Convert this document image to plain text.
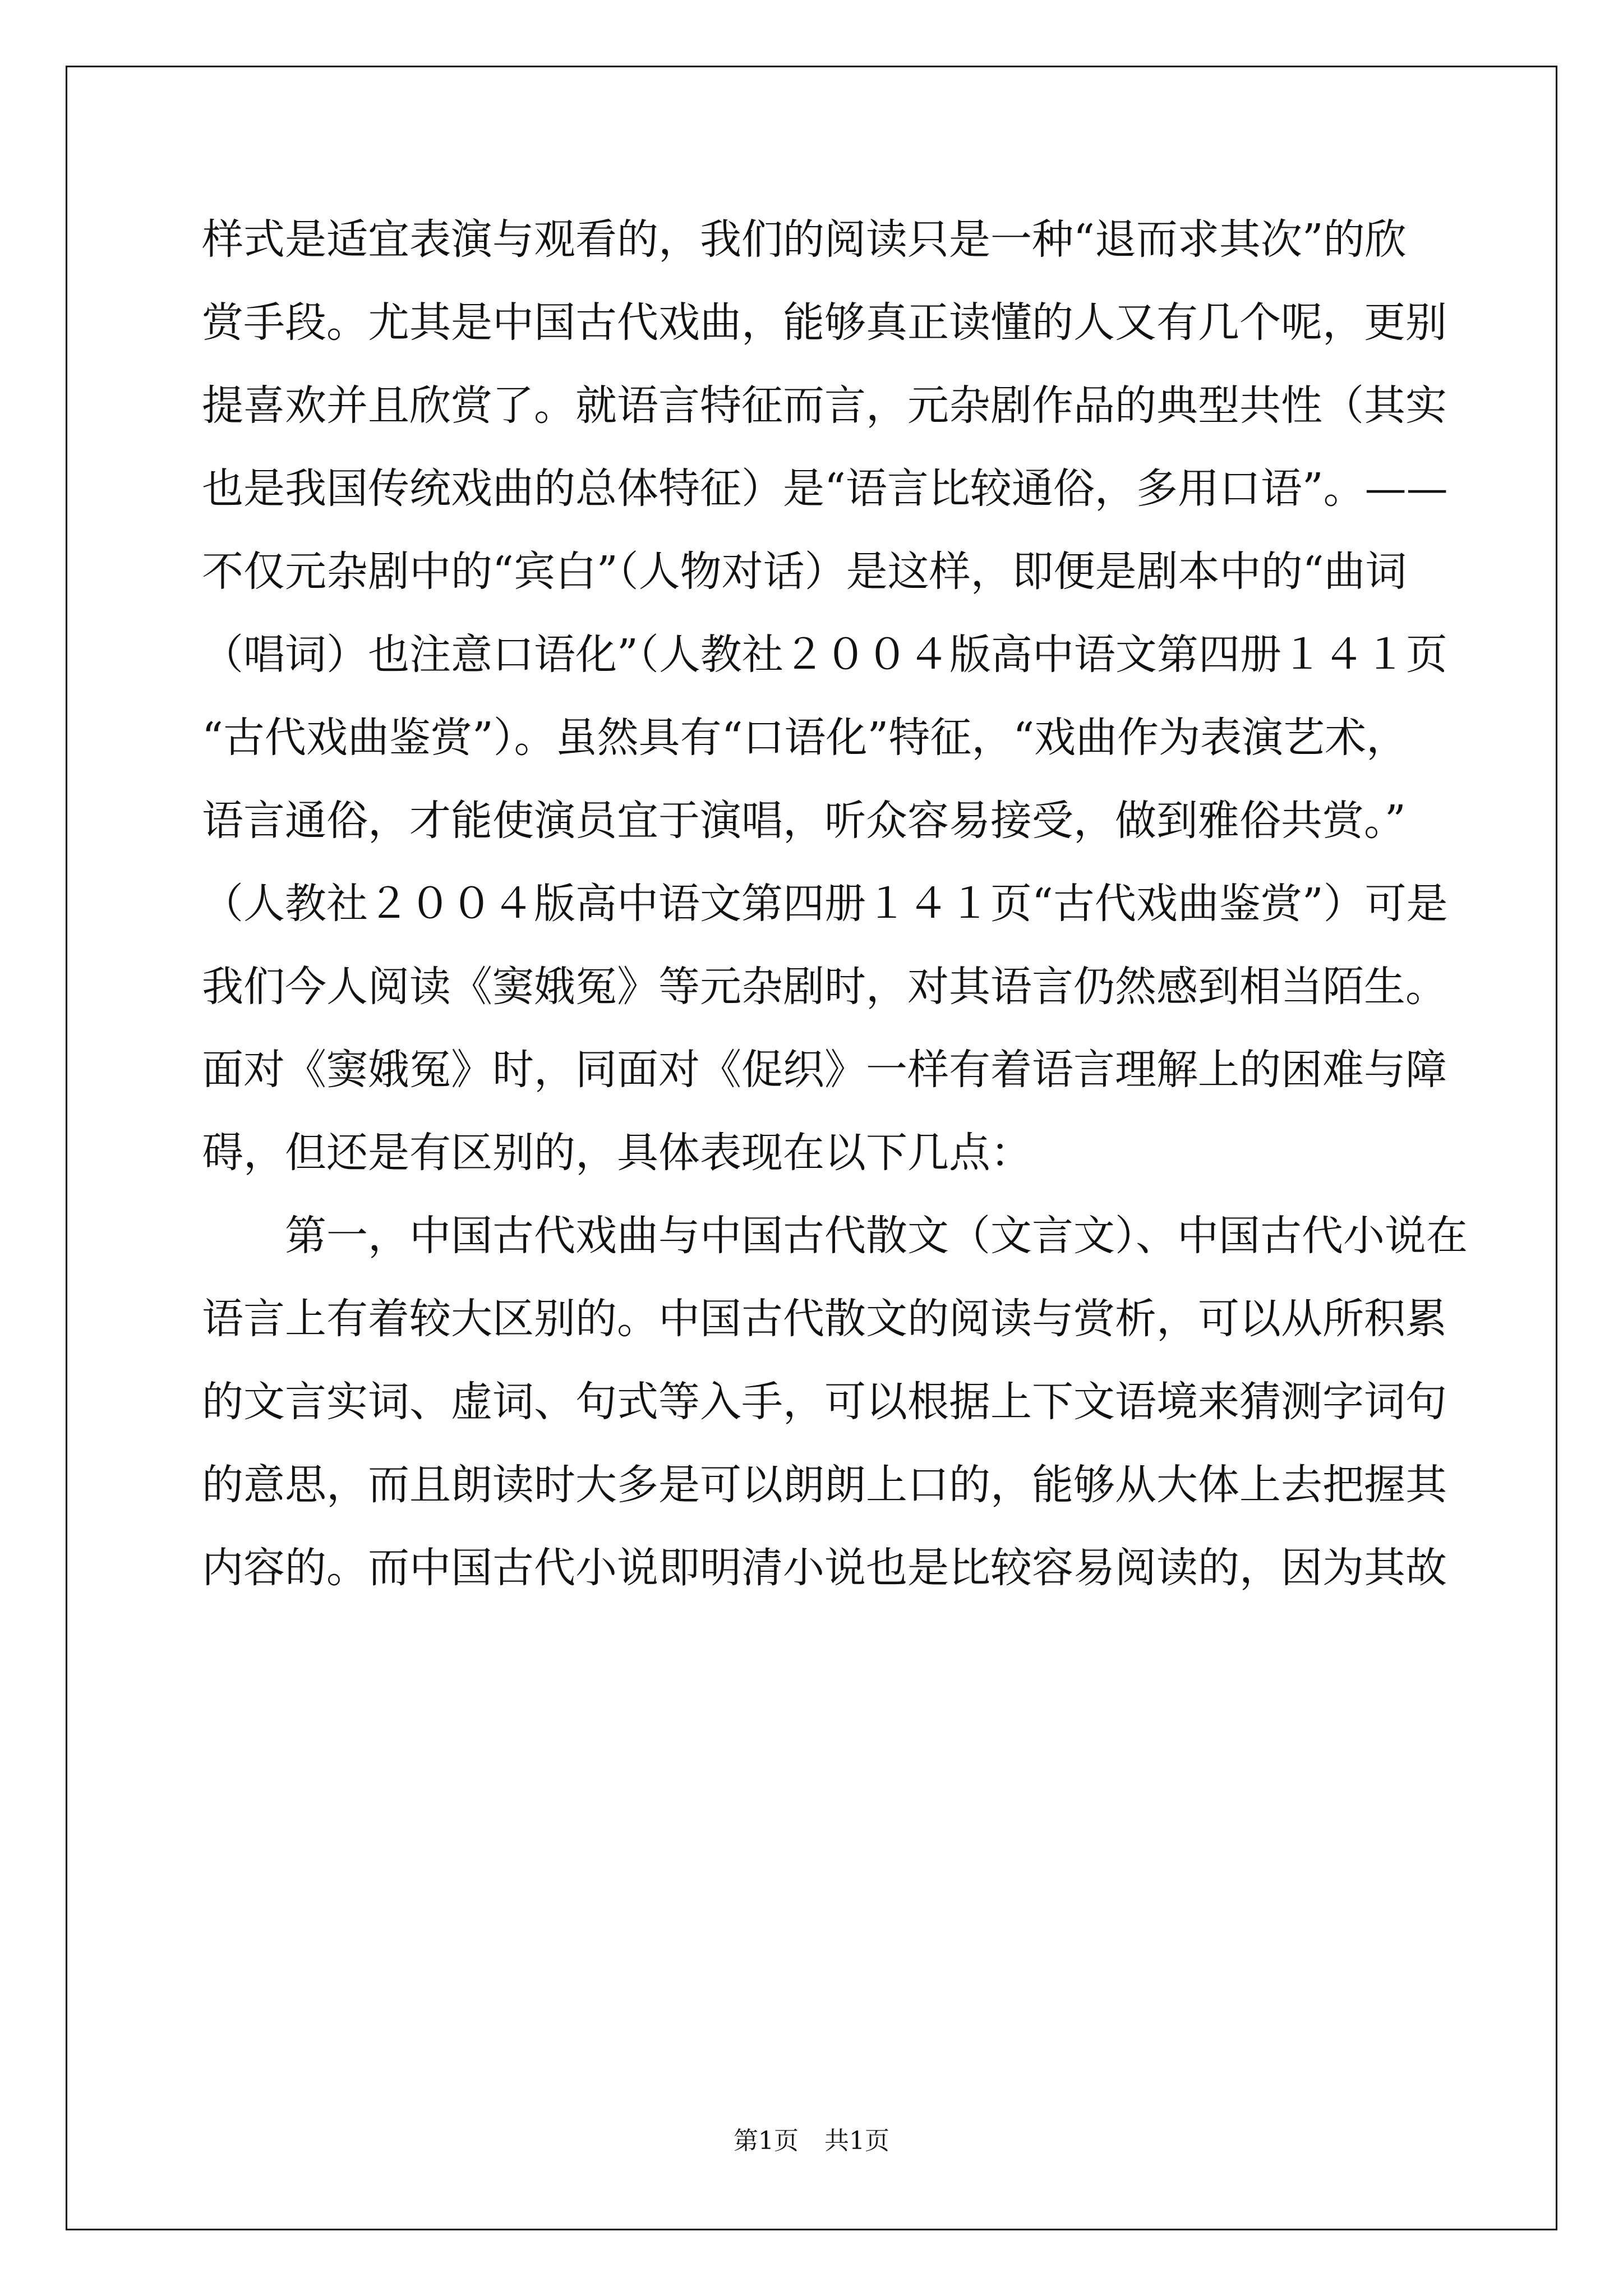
样式是适宜表演与观看的，我们的阅读只是一种“退而求其次”的欣

赏手段。尤其是中国古代戏曲，能够真正读懂的人又有几个呢，更别

提喜欢并且欣赏了。就语言特征而言，元杂剧作品的典型共性（其实

也是我国传统戏曲的总体特征）是“语言比较通俗，多用口语”。——

不仅元杂剧中的“宾白”（人物对话）是这样，即便是剧本中的“曲词

（唱词）也注意口语化”（人教社２００４版高中语文第四册１４１页

“古代戏曲鉴赏”）。虽然具有“口语化”特征，“戏曲作为表演艺术，

语言通俗，才能使演员宜于演唱，听众容易接受，做到雅俗共赏。”

（人教社２００４版高中语文第四册１４１页“古代戏曲鉴赏”）可是

我们今人阅读《窦娥冤》等元杂剧时，对其语言仍然感到相当陌生。

面对《窦娥冤》时，同面对《促织》一样有着语言理解上的困难与障

碍，但还是有区别的，具体表现在以下几点：

第一，中国古代戏曲与中国古代散文（文言文）、中国古代小说在

语言上有着较大区别的。中国古代散文的阅读与赏析，可以从所积累

的文言实词、虚词、句式等入手，可以根据上下文语境来猜测字词句

的意思，而且朗读时大多是可以朗朗上口的，能够从大体上去把握其

内容的。而中国古代小说即明清小说也是比较容易阅读的，因为其故

第1页 共1页
